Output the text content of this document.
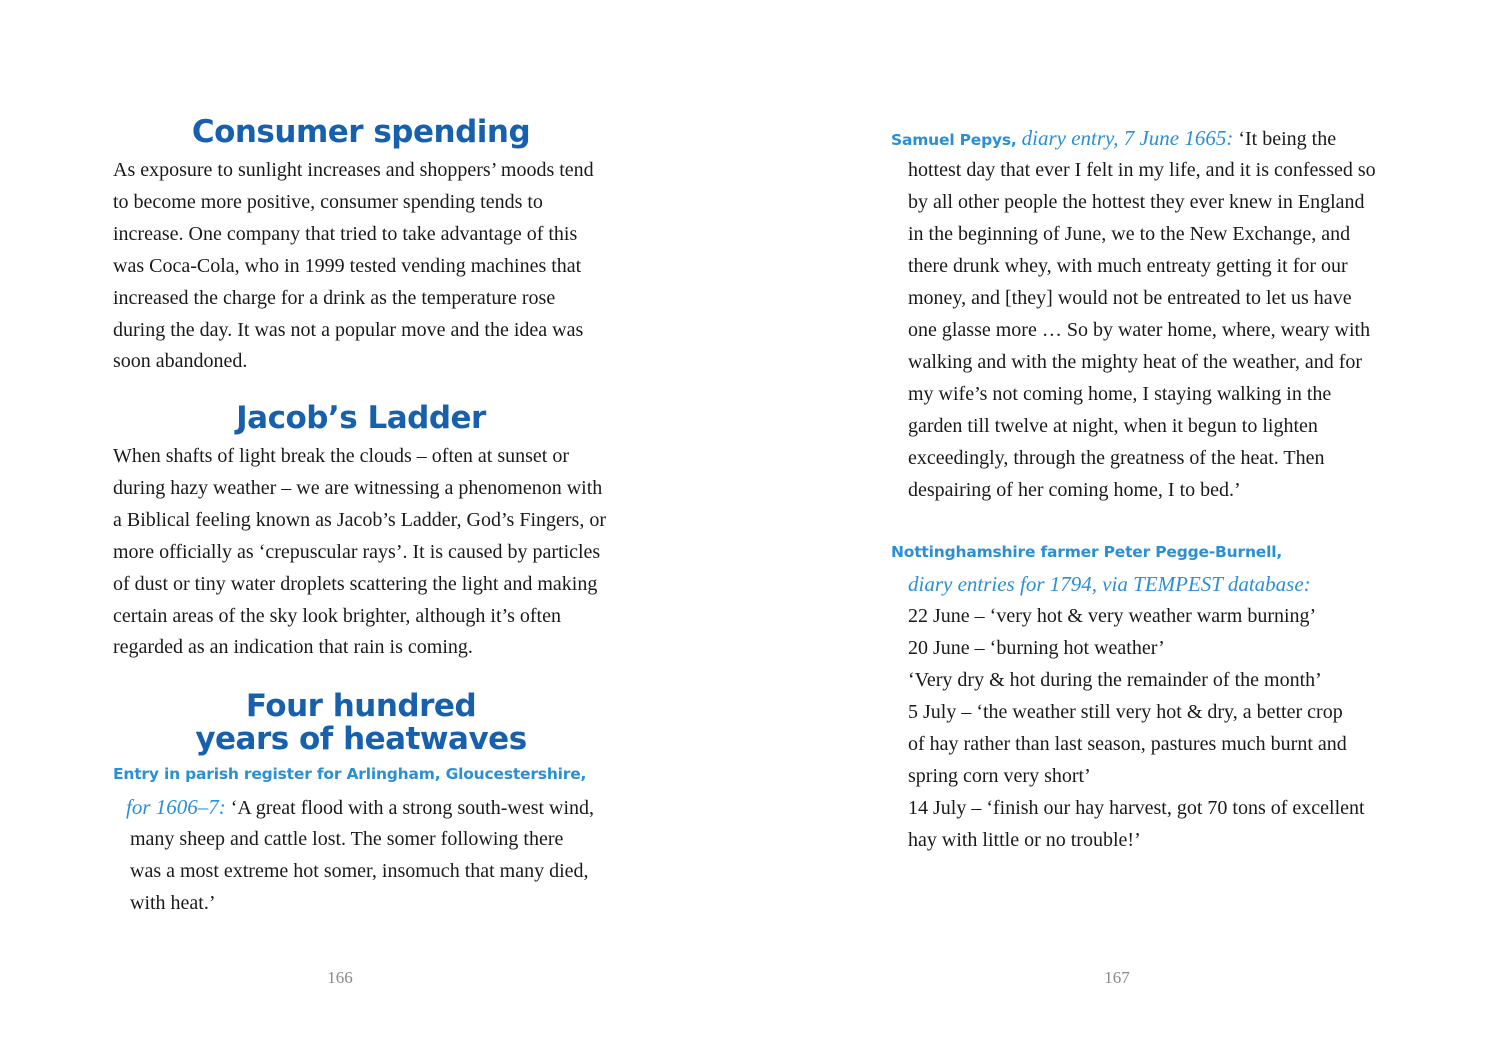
Consumer spending

As exposure to sunlight increases and shoppers’ moods tend to become more positive, consumer spending tends to increase. One company that tried to take advantage of this was Coca-Cola, who in 1999 tested vending machines that increased the charge for a drink as the temperature rose during the day. It was not a popular move and the idea was soon abandoned.

Jacob’s Ladder

When shafts of light break the clouds – often at sunset or during hazy weather – we are witnessing a phenomenon with a Biblical feeling known as Jacob’s Ladder, God’s Fingers, or more officially as ‘crepuscular rays’. It is caused by particles of dust or tiny water droplets scattering the light and making certain areas of the sky look brighter, although it’s often regarded as an indication that rain is coming.

Four hundred
years of heatwaves
Entry in parish register for Arlingham, Gloucestershire,
for 1606–7: ‘A great flood with a strong south-west wind,
many sheep and cattle lost. The somer following there
was a most extreme hot somer, insomuch that many died,
with heat.’
166
Samuel Pepys, diary entry, 7 June 1665: ‘It being the
hottest day that ever I felt in my life, and it is confessed so
by all other people the hottest they ever knew in England
in the beginning of June, we to the New Exchange, and
there drunk whey, with much entreaty getting it for our
money, and [they] would not be entreated to let us have
one glasse more … So by water home, where, weary with
walking and with the mighty heat of the weather, and for
my wife’s not coming home, I staying walking in the
garden till twelve at night, when it begun to lighten
exceedingly, through the greatness of the heat. Then
despairing of her coming home, I to bed.’
Nottinghamshire farmer Peter Pegge-Burnell,
diary entries for 1794, via TEMPEST database:
22 June – ‘very hot & very weather warm burning’
20 June – ‘burning hot weather’
‘Very dry & hot during the remainder of the month’
5 July – ‘the weather still very hot & dry, a better crop
of hay rather than last season, pastures much burnt and
spring corn very short’
14 July – ‘finish our hay harvest, got 70 tons of excellent
hay with little or no trouble!’
167
